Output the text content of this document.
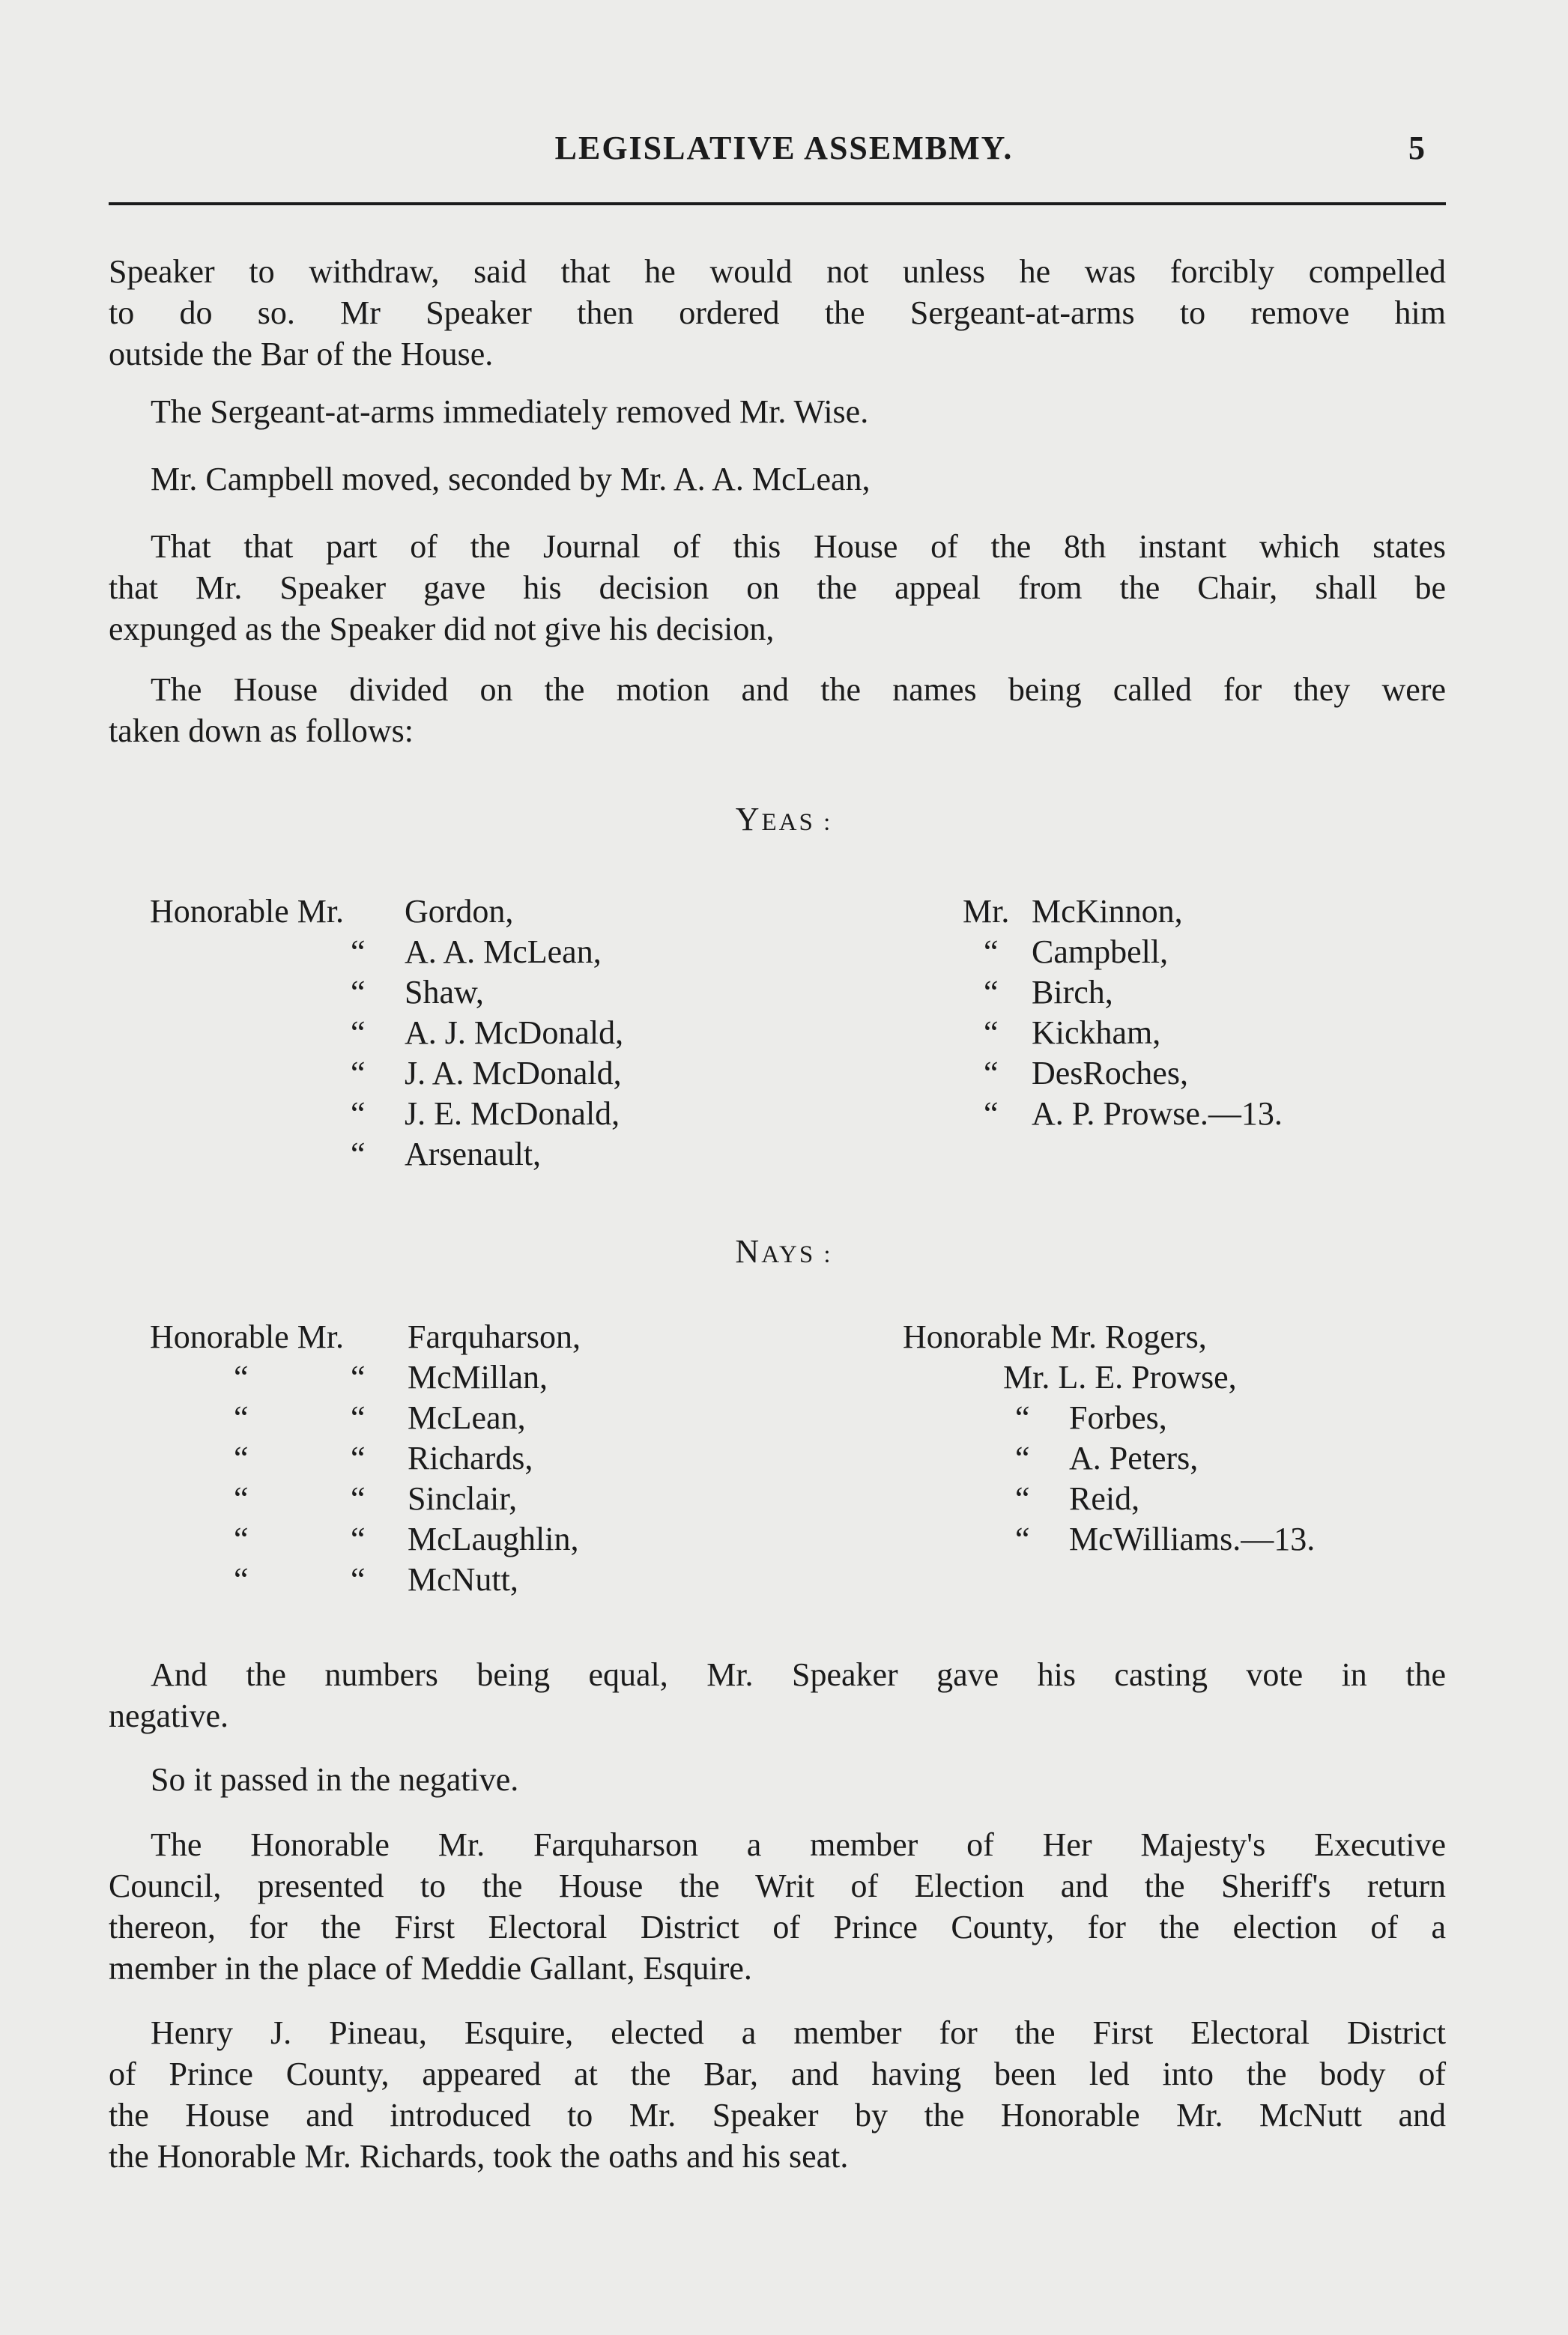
LEGISLATIVE ASSEMBMY.	5
Speaker to withdraw, said that he would not unless he was forcibly compelled
to do so. Mr Speaker then ordered the Sergeant-at-arms to remove him
outside the Bar of the House.
The Sergeant-at-arms immediately removed Mr. Wise.
Mr. Campbell moved, seconded by Mr. A. A. McLean,
That that part of the Journal of this House of the 8th instant which states
that Mr. Speaker gave his decision on the appeal from the Chair, shall be
expunged as the Speaker did not give his decision,
The House divided on the motion and the names being called for they were
taken down as follows:
YEAS :
Honorable Mr. Gordon,
“ A. A. McLean,
“ Shaw,
“ A. J. McDonald,
“ J. A. McDonald,
“ J. E. McDonald,
“ Arsenault,
Mr. McKinnon,
“ Campbell,
“ Birch,
“ Kickham,
“ DesRoches,
“ A. P. Prowse.—13.
NAYS :
Honorable Mr. Farquharson,
“	“ McMillan,
“	“ McLean,
“	“ Richards,
“	“ Sinclair,
“	“ McLaughlin,
“	“ McNutt,
Honorable Mr. Rogers,
Mr. L. E. Prowse,
“ Forbes,
“ A. Peters,
“ Reid,
“ McWilliams.—13.
And the numbers being equal, Mr. Speaker gave his casting vote in the
negative.
So it passed in the negative.
The Honorable Mr. Farquharson a member of Her Majesty's Executive
Council, presented to the House the Writ of Election and the Sheriff's return
thereon, for the First Electoral District of Prince County, for the election of a
member in the place of Meddie Gallant, Esquire.
Henry J. Pineau, Esquire, elected a member for the First Electoral District
of Prince County, appeared at the Bar, and having been led into the body of
the House and introduced to Mr. Speaker by the Honorable Mr. McNutt and
the Honorable Mr. Richards, took the oaths and his seat.
